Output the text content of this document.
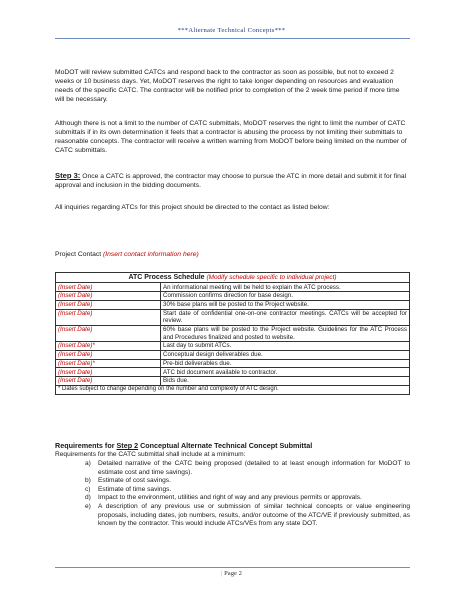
***Alternate Technical Concepts***

MoDOT will review submitted CATCs and respond back to the contractor as soon as possible, but not to exceed 2 weeks or 10 business days. Yet, MoDOT reserves the right to take longer depending on resources and evaluation needs of the specific CATC. The contractor will be notified prior to completion of the 2 week time period if more time will be necessary.

Although there is not a limit to the number of CATC submittals, MoDOT reserves the right to limit the number of CATC submittals if in its own determination it feels that a contractor is abusing the process by not limiting their submittals to reasonable concepts. The contractor will receive a written warning from MoDOT before being limited on the number of CATC submittals.

Step 3: Once a CATC is approved, the contractor may choose to pursue the ATC in more detail and submit it for final approval and inclusion in the bidding documents.

All inquiries regarding ATCs for this project should be directed to the contact as listed below:

Project Contact (Insert contact information here)

ATC Process Schedule (Modify schedule specific to individual project)	
(Insert Date)	An informational meeting will be held to explain the ATC process.
(Insert Date)	Commission confirms direction for base design.
(Insert Date)	30% base plans will be posted to the Project website.
(Insert Date)	Start date of confidential one-on-one contractor meetings. CATCs will be accepted for review.
(Insert Date)	60% base plans will be posted to the Project website. Guidelines for the ATC Process and Procedures finalized and posted to website.
(Insert Date)*	Last day to submit ATCs.
(Insert Date)	Conceptual design deliverables due.
(Insert Date)*	Pre-bid deliverables due.
(Insert Date)	ATC bid document available to contractor.
(Insert Date)	Bids due.
* Dates subject to change depending on the number and complexity of ATC design.	
Requirements for Step 2 Conceptual Alternate Technical Concept Submittal
Requirements for the CATC submittal shall include at a minimum:
a) Detailed narrative of the CATC being proposed (detailed to at least enough information for MoDOT to estimate cost and time savings).
b) Estimate of cost savings.
c) Estimate of time savings.
d) Impact to the environment, utilities and right of way and any previous permits or approvals.
e) A description of any previous use or submission of similar technical concepts or value engineering proposals, including dates, job numbers, results, and/or outcome of the ATC/VE if previously submitted, as known by the contractor. This would include ATCs/VEs from any state DOT.
| Page 2
